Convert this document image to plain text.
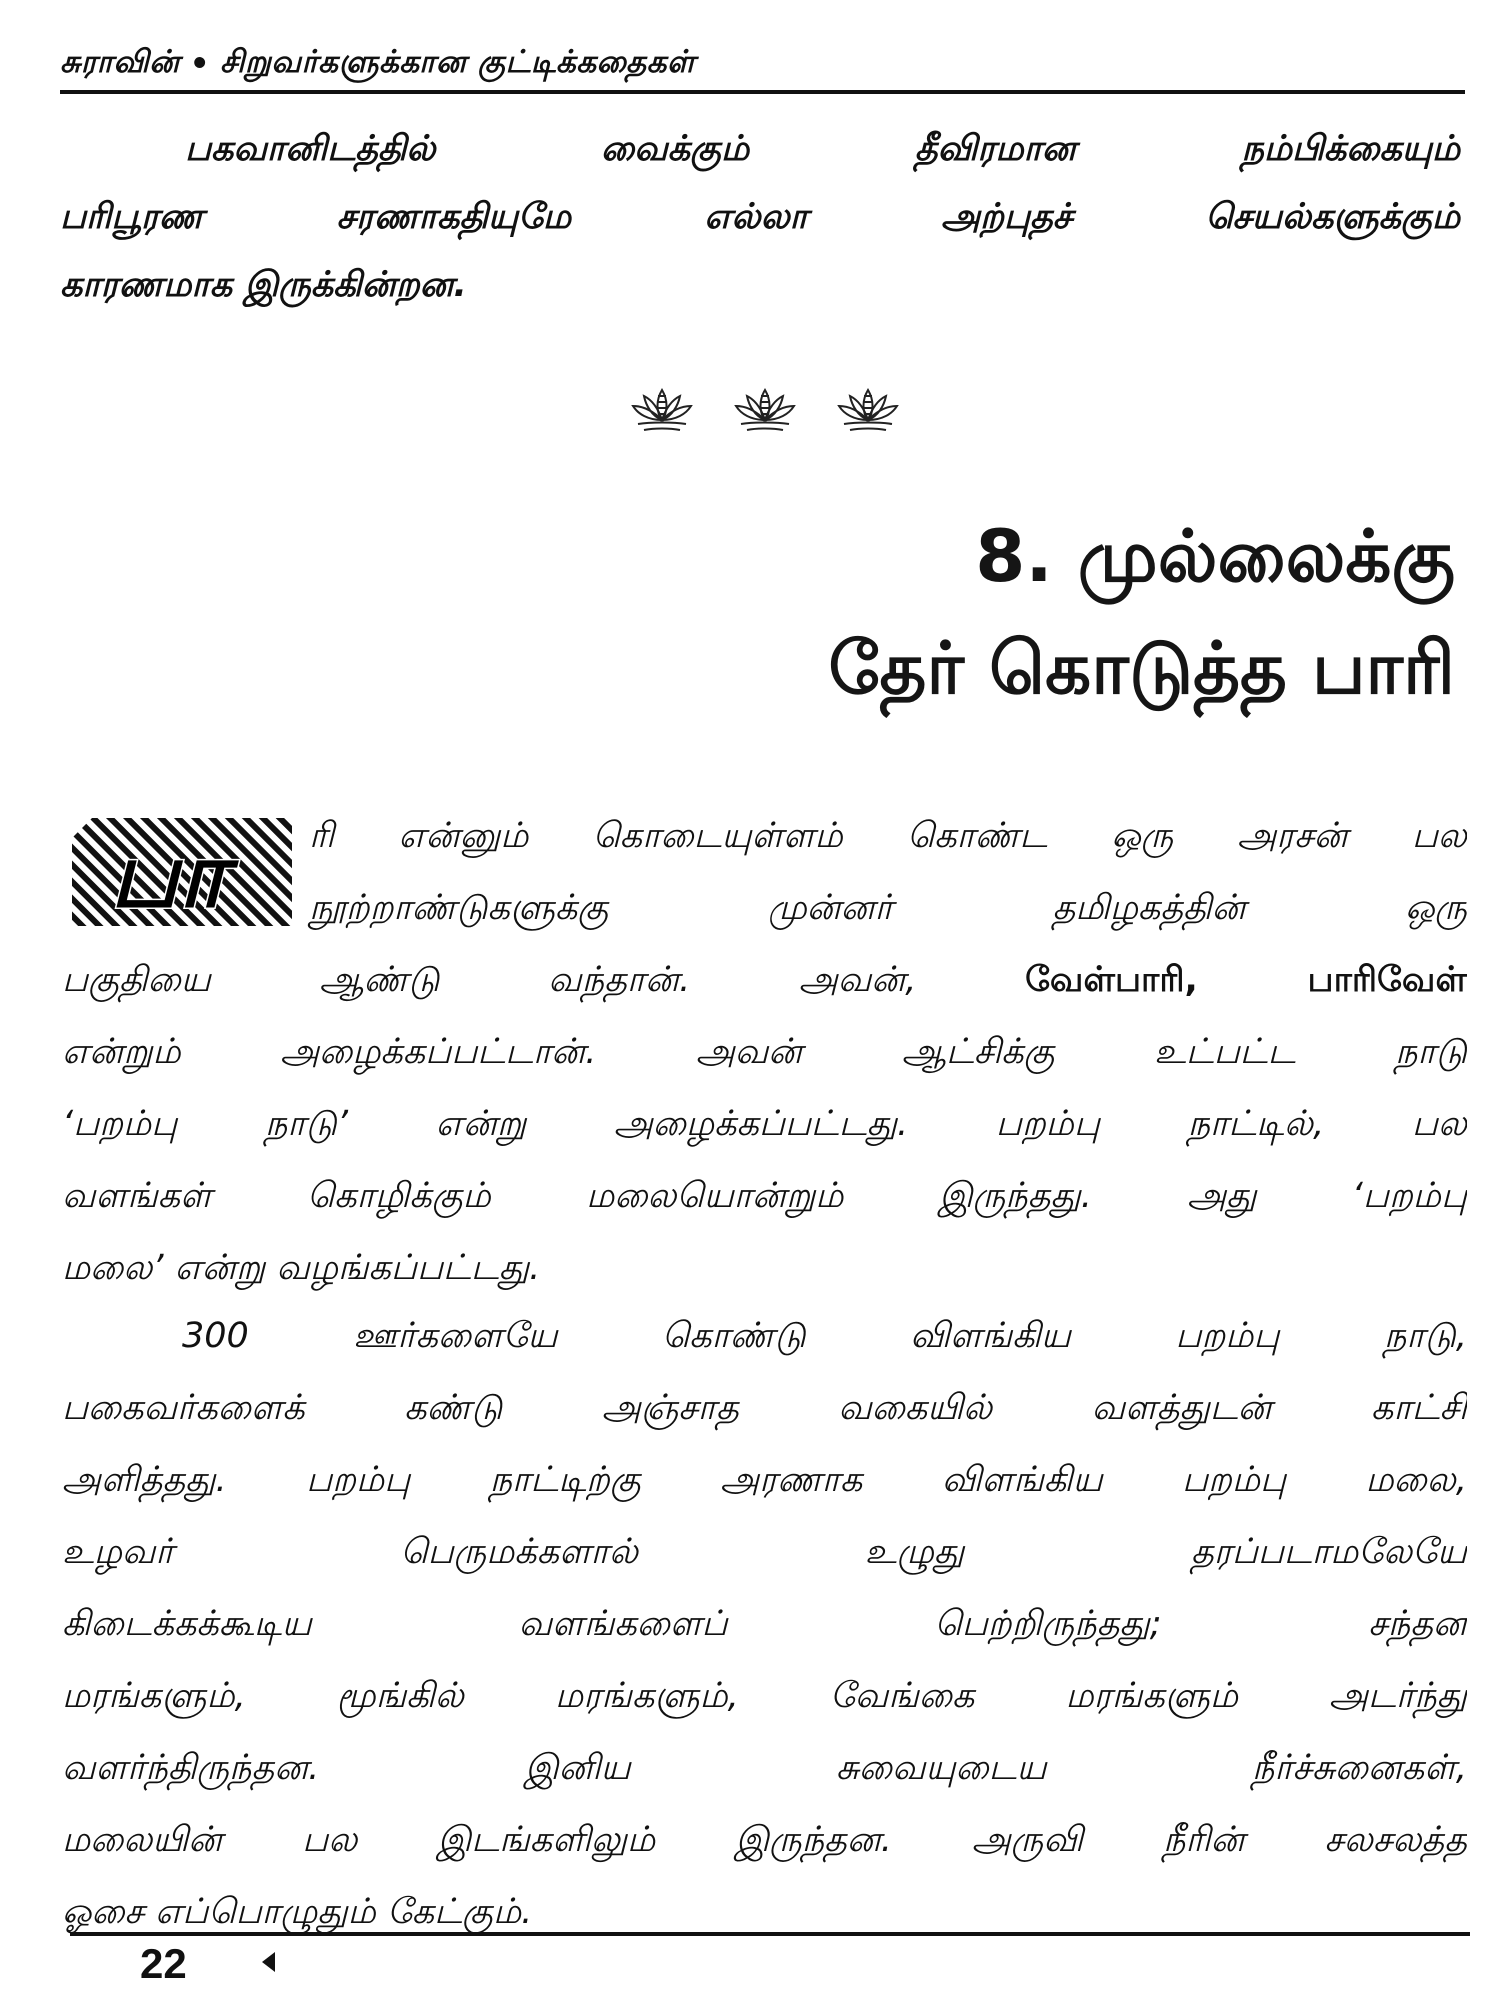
சுராவின் • சிறுவர்களுக்கான குட்டிக்கதைகள்
பகவானிடத்தில் வைக்கும் தீவிரமான நம்பிக்கையும்
பரிபூரண சரணாகதியுமே எல்லா அற்புதச் செயல்களுக்கும்
காரணமாக இருக்கின்றன.
8. முல்லைக்கு
தேர் கொடுத்த பாரி
பா	ரி என்னும் கொடையுள்ளம் கொண்ட ஒரு அரசன் பல
நூற்றாண்டுகளுக்கு முன்னர் தமிழகத்தின் ஒரு
பகுதியை ஆண்டு வந்தான். அவன்,	வேள்பாரி, பாரிவேள்
என்றும் அழைக்கப்பட்டான். அவன் ஆட்சிக்கு உட்பட்ட நாடு
‘பறம்பு நாடு’ என்று அழைக்கப்பட்டது. பறம்பு நாட்டில், பல
வளங்கள் கொழிக்கும் மலையொன்றும் இருந்தது. அது ‘பறம்பு
மலை’ என்று வழங்கப்பட்டது.
300 ஊர்களையே கொண்டு விளங்கிய பறம்பு நாடு,
பகைவர்களைக் கண்டு அஞ்சாத வகையில் வளத்துடன் காட்சி
அளித்தது. பறம்பு நாட்டிற்கு அரணாக விளங்கிய பறம்பு மலை,
உழவர் பெருமக்களால் உழுது தரப்படாமலேயே
கிடைக்கக்கூடிய வளங்களைப் பெற்றிருந்தது; சந்தன
மரங்களும், மூங்கில் மரங்களும், வேங்கை மரங்களும் அடர்ந்து
வளர்ந்திருந்தன. இனிய சுவையுடைய நீர்ச்சுனைகள்,
மலையின் பல இடங்களிலும் இருந்தன. அருவி நீரின் சலசலத்த
ஓசை எப்பொழுதும் கேட்கும்.
22
